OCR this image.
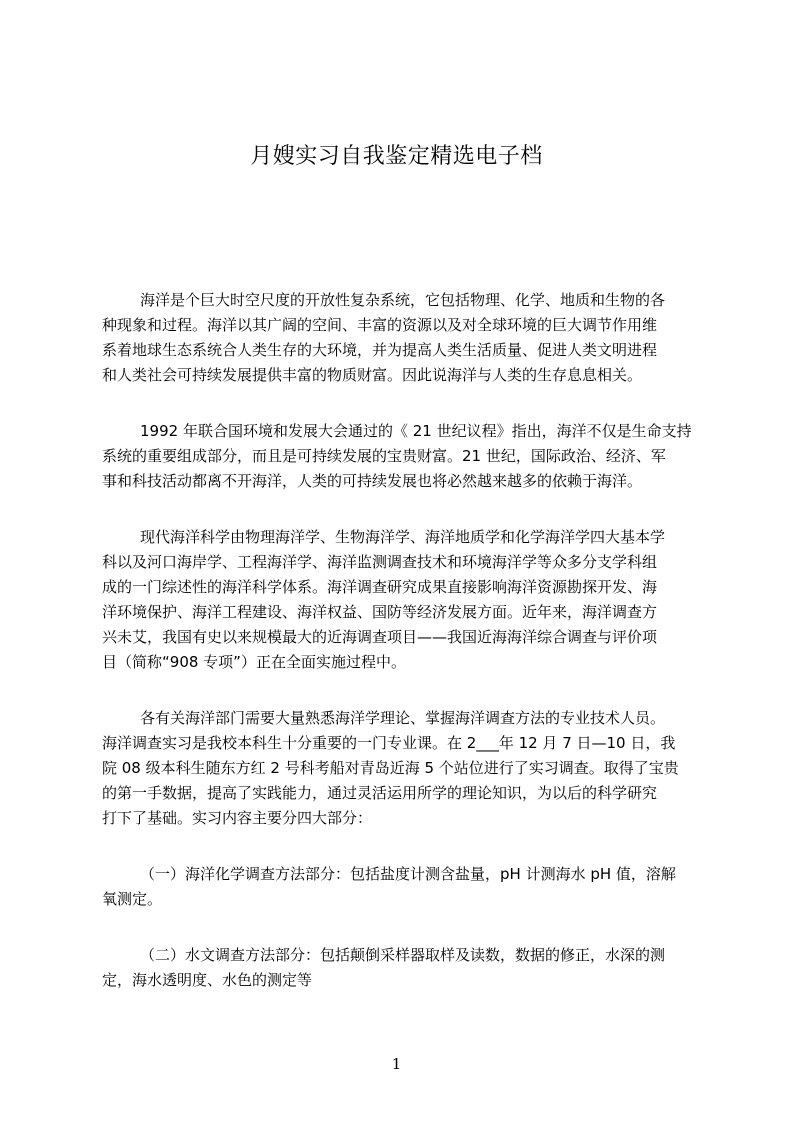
月嫂实习自我鉴定精选电子档
海洋是个巨大时空尺度的开放性复杂系统，它包括物理、化学、地质和生物的各
种现象和过程。海洋以其广阔的空间、丰富的资源以及对全球环境的巨大调节作用维
系着地球生态系统合人类生存的大环境，并为提高人类生活质量、促进人类文明进程
和人类社会可持续发展提供丰富的物质财富。因此说海洋与人类的生存息息相关。
1992 年联合国环境和发展大会通过的《 21 世纪议程》指出，海洋不仅是生命支持
系统的重要组成部分，而且是可持续发展的宝贵财富。21 世纪，国际政治、经济、军
事和科技活动都离不开海洋，人类的可持续发展也将必然越来越多的依赖于海洋。
现代海洋科学由物理海洋学、生物海洋学、海洋地质学和化学海洋学四大基本学
科以及河口海岸学、工程海洋学、海洋监测调查技术和环境海洋学等众多分支学科组
成的一门综述性的海洋科学体系。海洋调查研究成果直接影响海洋资源勘探开发、海
洋环境保护、海洋工程建设、海洋权益、国防等经济发展方面。近年来，海洋调查方
兴未艾，我国有史以来规模最大的近海调查项目——我国近海海洋综合调查与评价项
目（简称“908 专项”）正在全面实施过程中。
各有关海洋部门需要大量熟悉海洋学理论、掌握海洋调查方法的专业技术人员。
海洋调查实习是我校本科生十分重要的一门专业课。在 2___年 12 月 7 日—10 日，我
院 08 级本科生随东方红 2 号科考船对青岛近海 5 个站位进行了实习调查。取得了宝贵
的第一手数据，提高了实践能力，通过灵活运用所学的理论知识，为以后的科学研究
打下了基础。实习内容主要分四大部分：
（一）海洋化学调查方法部分：包括盐度计测含盐量，pH 计测海水 pH 值，溶解
氧测定。
（二）水文调查方法部分：包括颠倒采样器取样及读数，数据的修正，水深的测
定，海水透明度、水色的测定等
1
